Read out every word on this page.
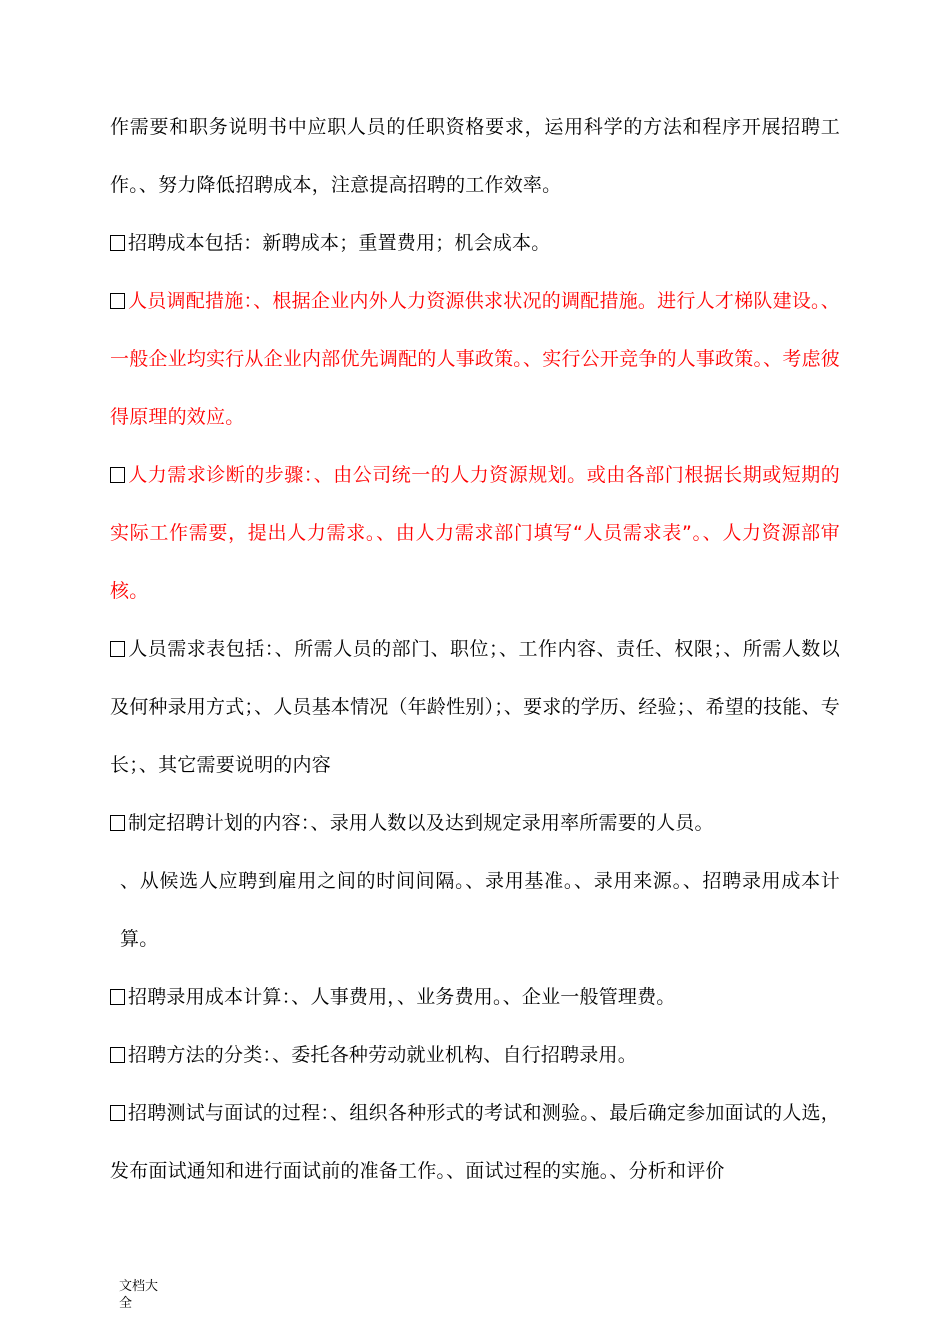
作需要和职务说明书中应职人员的任职资格要求，运用科学的方法和程序开展招聘工作。、努力降低招聘成本，注意提高招聘的工作效率。

招聘成本包括：新聘成本；重置费用；机会成本。

人员调配措施：、根据企业内外人力资源供求状况的调配措施。进行人才梯队建设。、一般企业均实行从企业内部优先调配的人事政策。、实行公开竞争的人事政策。、考虑彼得原理的效应。

人力需求诊断的步骤：、由公司统一的人力资源规划。或由各部门根据长期或短期的实际工作需要，提出人力需求。、由人力需求部门填写“人员需求表”。、人力资源部审核。

人员需求表包括：、所需人员的部门、职位；、工作内容、责任、权限；、所需人数以及何种录用方式；、人员基本情况（年龄性别）；、要求的学历、经验；、希望的技能、专长；、其它需要说明的内容

制定招聘计划的内容：、录用人数以及达到规定录用率所需要的人员。

、从候选人应聘到雇用之间的时间间隔。、录用基准。、录用来源。、招聘录用成本计算。

招聘录用成本计算：、人事费用，、业务费用。、企业一般管理费。

招聘方法的分类：、委托各种劳动就业机构、自行招聘录用。

招聘测试与面试的过程：、组织各种形式的考试和测验。、最后确定参加面试的人选，发布面试通知和进行面试前的准备工作。、面试过程的实施。、分析和评价

文档大全
